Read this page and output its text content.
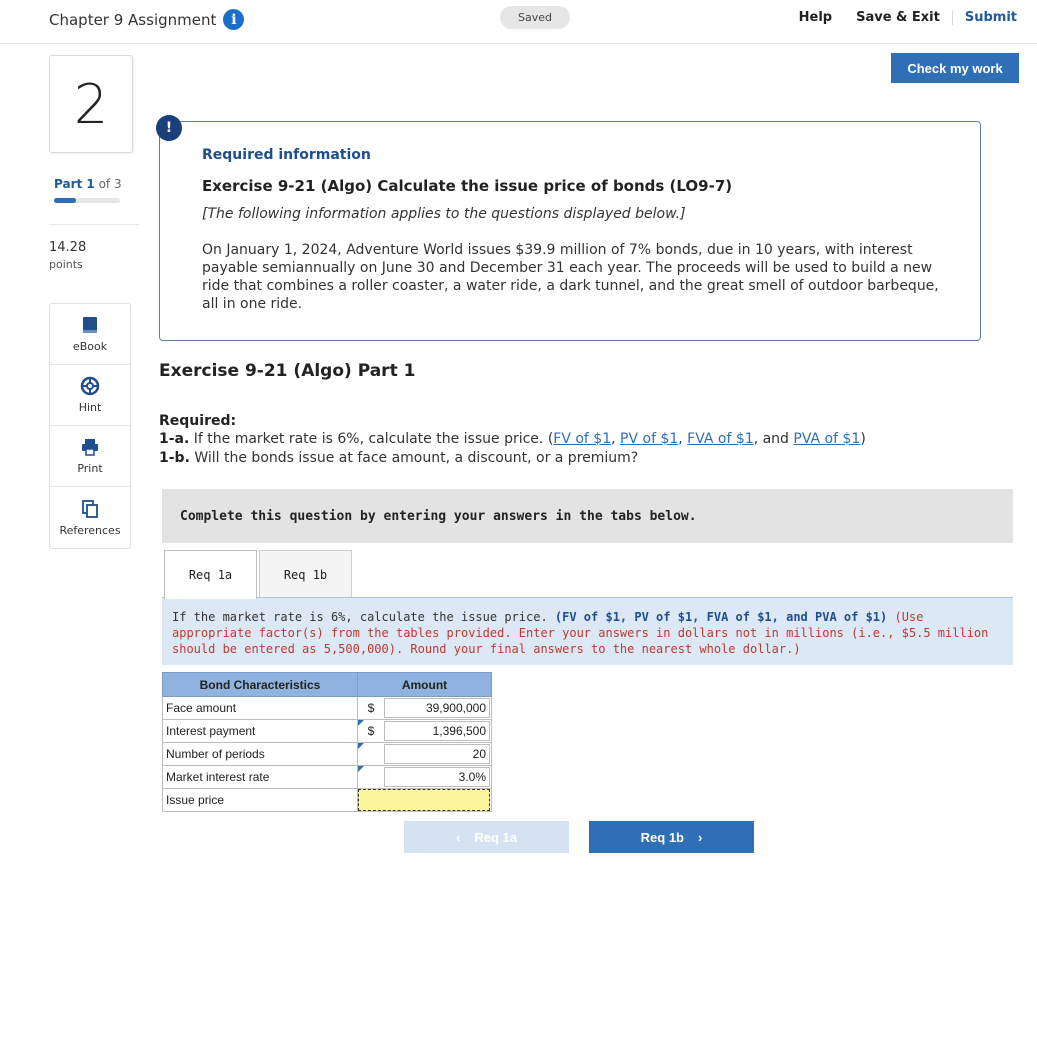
Chapter 9 Assignment	i	Saved	Help	Save & Exit	Submit
Check my work
2
Part 1 of 3
14.28
points
eBook
Hint
Print
References
!
Required information
Exercise 9-21 (Algo) Calculate the issue price of bonds (LO9-7)
[The following information applies to the questions displayed below.]
On January 1, 2024, Adventure World issues $39.9 million of 7% bonds, due in 10 years, with interest payable semiannually on June 30 and December 31 each year. The proceeds will be used to build a new ride that combines a roller coaster, a water ride, a dark tunnel, and the great smell of outdoor barbeque, all in one ride.
Exercise 9-21 (Algo) Part 1
Required:
1-a. If the market rate is 6%, calculate the issue price. (FV of $1, PV of $1, FVA of $1, and PVA of $1)
1-b. Will the bonds issue at face amount, a discount, or a premium?
Complete this question by entering your answers in the tabs below.
Req 1a	Req 1b
If the market rate is 6%, calculate the issue price. (FV of $1, PV of $1, FVA of $1, and PVA of $1) (Use appropriate factor(s) from the tables provided. Enter your answers in dollars not in millions (i.e., $5.5 million should be entered as 5,500,000). Round your final answers to the nearest whole dollar.)
Bond Characteristics	Amount
Face amount	$ 39,900,000

Interest payment	$ 1,396,500

Number of periods	20

Market interest rate	3.0%

Issue price	
‹ Req 1a	Req 1b ›
